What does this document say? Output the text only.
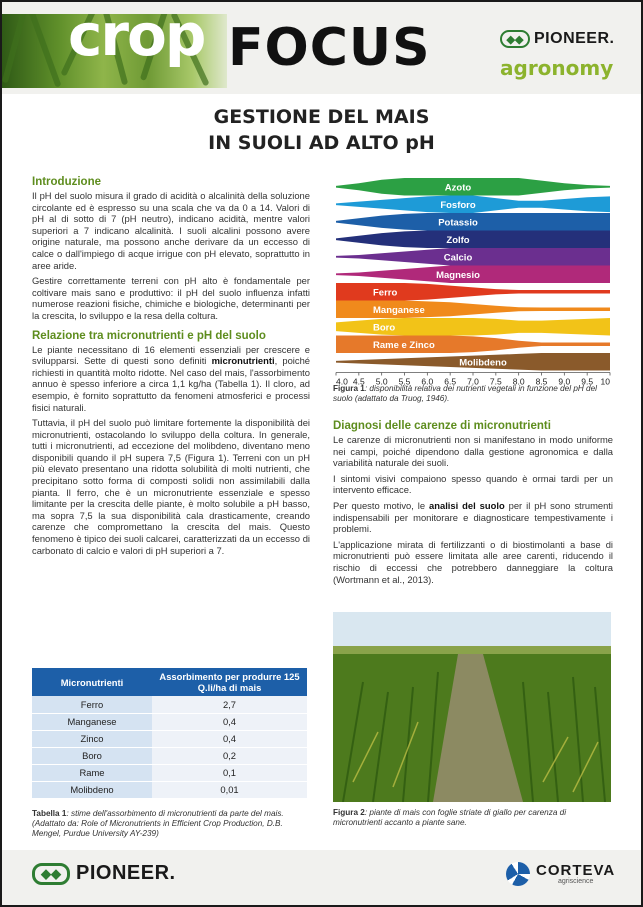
crop FOCUS	◆◆ PIONEER.
agronomy
GESTIONE DEL MAIS
IN SUOLI AD ALTO pH
Introduzione

Il pH del suolo misura il grado di acidità o alcalinità della soluzione circolante ed è espresso su una scala che va da 0 a 14. Valori di pH al di sotto di 7 (pH neutro), indicano acidità, mentre valori superiori a 7 indicano alcalinità. I suoli alcalini possono avere origine naturale, ma possono anche derivare da un eccesso di calce o dall'impiego di acque irrigue con pH elevato, soprattutto in aree aride.

Gestire correttamente terreni con pH alto è fondamentale per coltivare mais sano e produttivo: il pH del suolo influenza infatti numerose reazioni fisiche, chimiche e biologiche, determinanti per la crescita, lo sviluppo e la resa della coltura.

Relazione tra micronutrienti e pH del suolo

Le piante necessitano di 16 elementi essenziali per crescere e svilupparsi. Sette di questi sono definiti micronutrienti, poiché richiesti in quantità molto ridotte. Nel caso del mais, l'assorbimento annuo è spesso inferiore a circa 1,1 kg/ha (Tabella 1). Il cloro, ad esempio, è fornito soprattutto da fenomeni atmosferici e processi fisici naturali.

Tuttavia, il pH del suolo può limitare fortemente la disponibilità dei micronutrienti, ostacolando lo sviluppo della coltura. In generale, tutti i micronutrienti, ad eccezione del molibdeno, diventano meno disponibili quando il pH supera 7,5 (Figura 1). Terreni con un pH più elevato presentano una ridotta solubilità di molti nutrienti, che precipitano sotto forma di composti solidi non assimilabili dalla pianta. Il ferro, che è un micronutriente essenziale e spesso limitante per la crescita delle piante, è molto solubile a pH basso, ma sopra 7,5 la sua disponibilità cala drasticamente, creando carenze che compromettano la crescita del mais. Questo fenomeno è tipico dei suoli calcarei, caratterizzati da un eccesso di carbonato di calcio e valori di pH superiori a 7.

Micronutrienti	Assorbimento per produrre 125 Q.li/ha di mais
Ferro	2,7
Manganese	0,4
Zinco	0,4
Boro	0,2
Rame	0,1
Molibdeno	0,01
Tabella 1: stime dell'assorbimento di micronutrienti da parte del mais. (Adattato da: Role of Micronutrients in Efficient Crop Production, D.B. Mengel, Purdue University AY-239)
Azoto
Fosforo
Potassio
Zolfo
Calcio
Magnesio
Ferro
Manganese
Boro
Rame e Zinco
Molibdeno
4.0 4.5 5.0 5.5 6.0 6.5 7.0 7.5 8.0 8.5 9.0 9.5 10
Figura 1: disponibilità relativa dei nutrienti vegetali in funzione del pH del suolo (adattato da Truog, 1946).
Diagnosi delle carenze di micronutrienti

Le carenze di micronutrienti non si manifestano in modo uniforme nei campi, poiché dipendono dalla gestione agronomica e dalla variabilità naturale dei suoli.

I sintomi visivi compaiono spesso quando è ormai tardi per un intervento efficace.

Per questo motivo, le analisi del suolo per il pH sono strumenti indispensabili per monitorare e diagnosticare tempestivamente i problemi.

L'applicazione mirata di fertilizzanti o di biostimolanti a base di micronutrienti può essere limitata alle aree carenti, riducendo il rischio di eccessi che potrebbero danneggiare la coltura (Wortmann et al., 2013).

Figura 2: piante di mais con foglie striate di giallo per carenza di micronutrienti accanto a piante sane.
◆◆ PIONEER.	CORTEVA
agriscience
